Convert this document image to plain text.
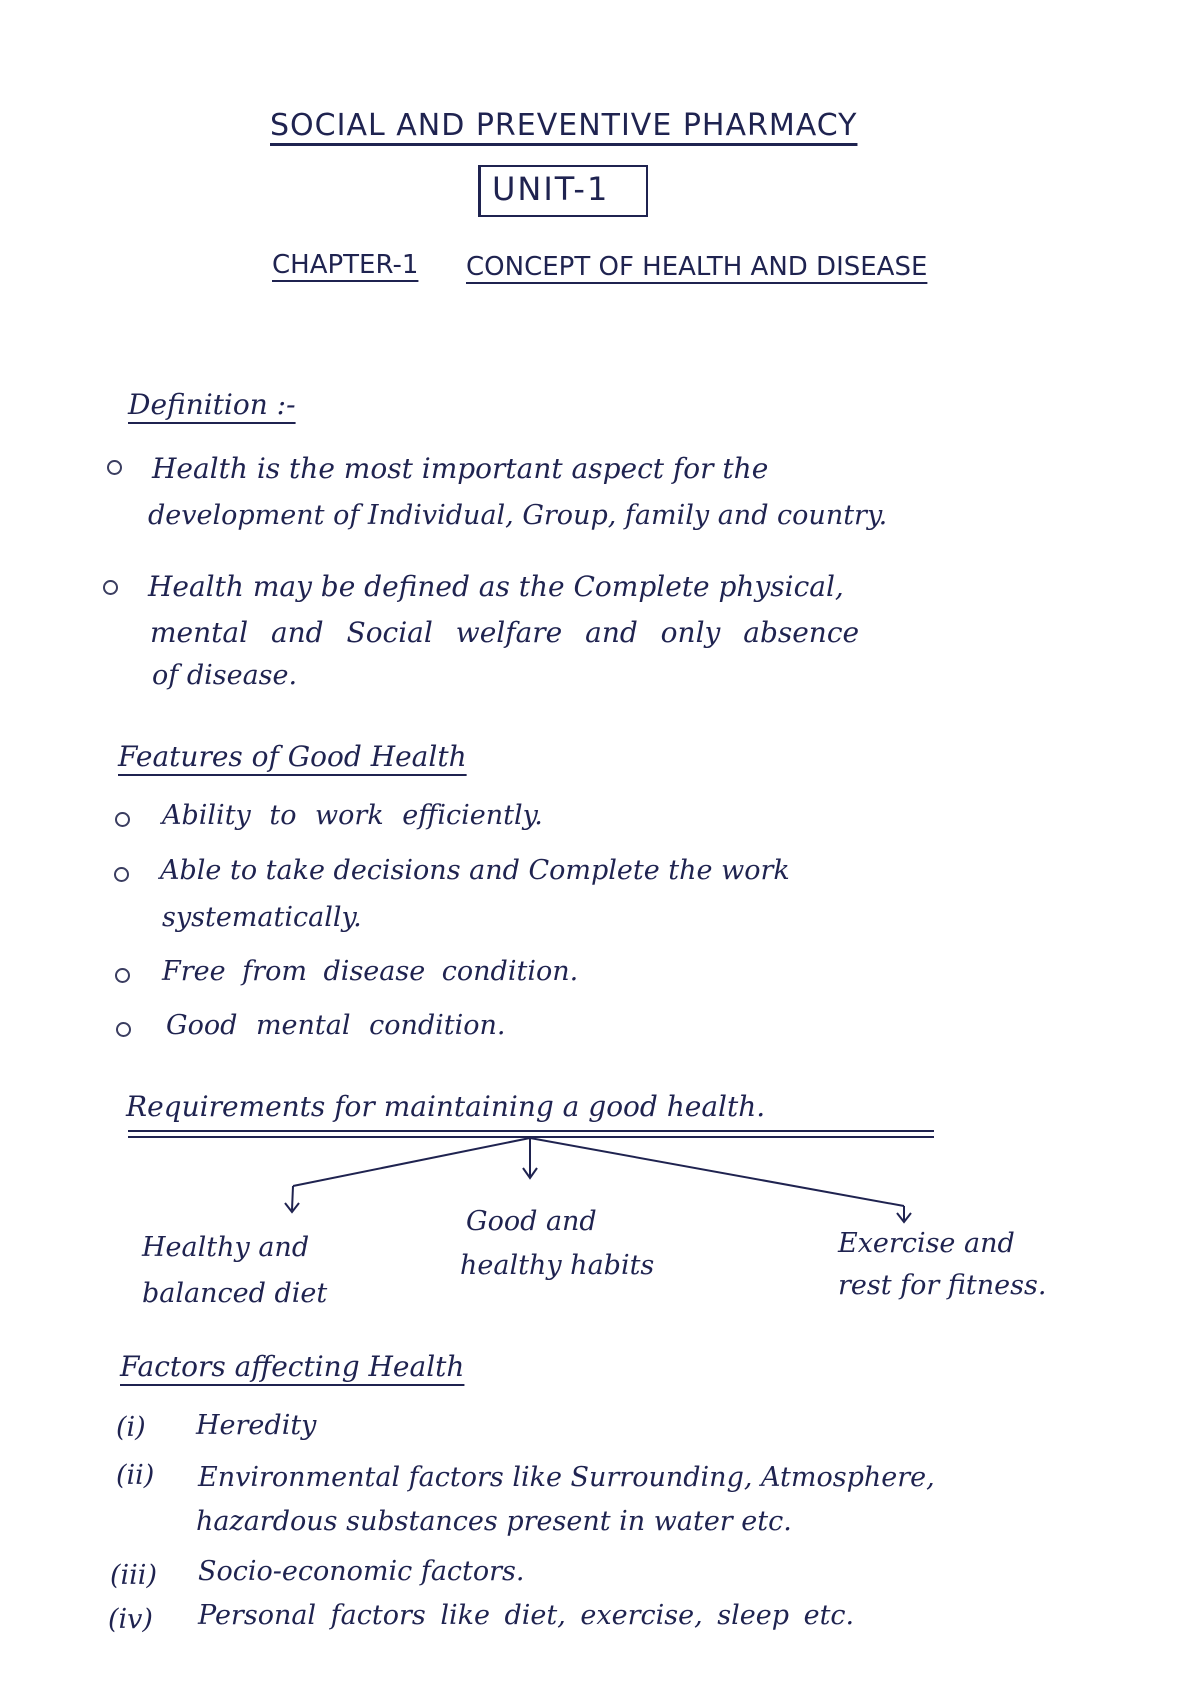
SOCIAL AND PREVENTIVE PHARMACY
UNIT-1
CHAPTER-1 CONCEPT OF HEALTH AND DISEASE
Definition :-
Health is the most important aspect for the
development of Individual, Group, family and country.
Health may be defined as the Complete physical,
mental and Social welfare and only absence
of disease.
Features of Good Health
Ability to work efficiently.
Able to take decisions and Complete the work
systematically.
Free from disease condition.
Good mental condition.
Requirements for maintaining a good health.
Healthy and
balanced diet
Good and
healthy habits
Exercise and
rest for fitness.
Factors affecting Health
(i) Heredity
(ii) Environmental factors like Surrounding, Atmosphere,
hazardous substances present in water etc.
(iii) Socio-economic factors.
(iv) Personal factors like diet, exercise, sleep etc.
